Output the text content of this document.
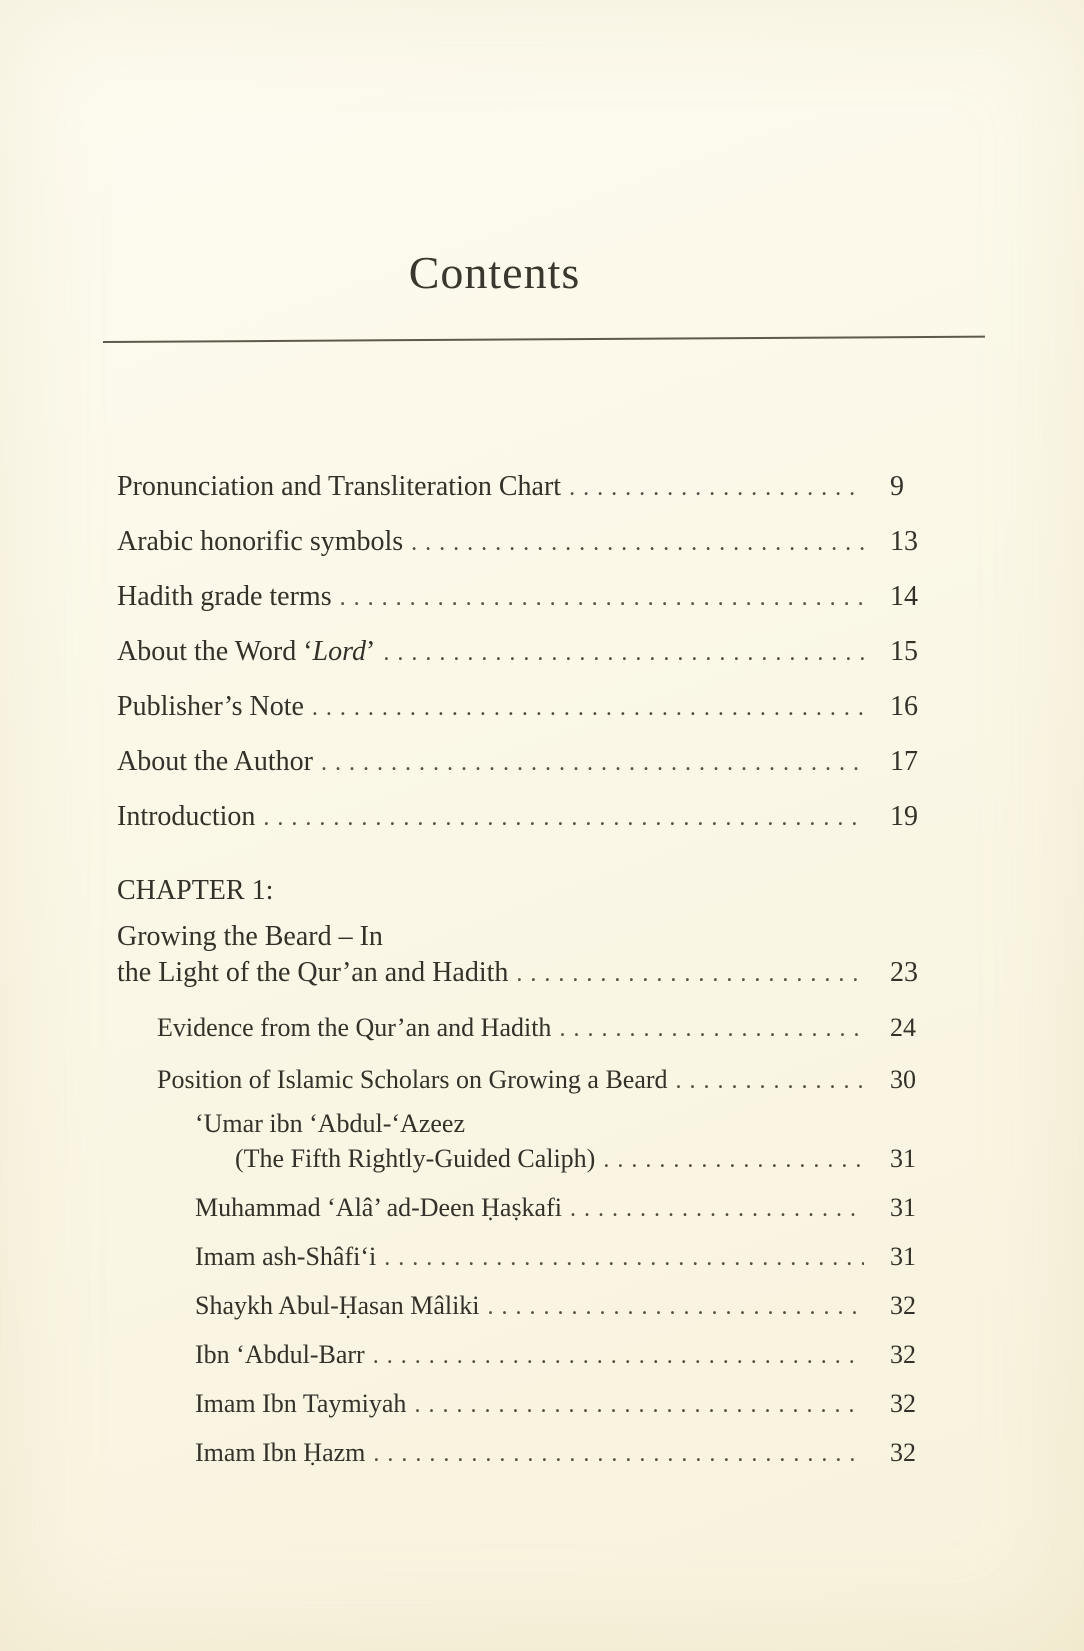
Contents
Pronunciation and Transliteration Chart . . .	9
Arabic honorific symbols . . .	13
Hadith grade terms . . .	14
About the Word ‘Lord’ . . .	15
Publisher’s Note . . .	16
About the Author . . .	17
Introduction . . .	19
CHAPTER 1:
Growing the Beard – In
the Light of the Qur’an and Hadith . . .	23
Evidence from the Qur’an and Hadith . . .	24
Position of Islamic Scholars on Growing a Beard . . .	30
‘Umar ibn ‘Abdul-‘Azeez
(The Fifth Rightly-Guided Caliph) . . .	31
Muhammad ‘Alâ’ ad-Deen Ḥaṣkafi . . .	31
Imam ash-Shâfi‘i . . .	31
Shaykh Abul-Ḥasan Mâliki . . .	32
Ibn ‘Abdul-Barr . . .	32
Imam Ibn Taymiyah . . .	32
Imam Ibn Ḥazm . . .	32
